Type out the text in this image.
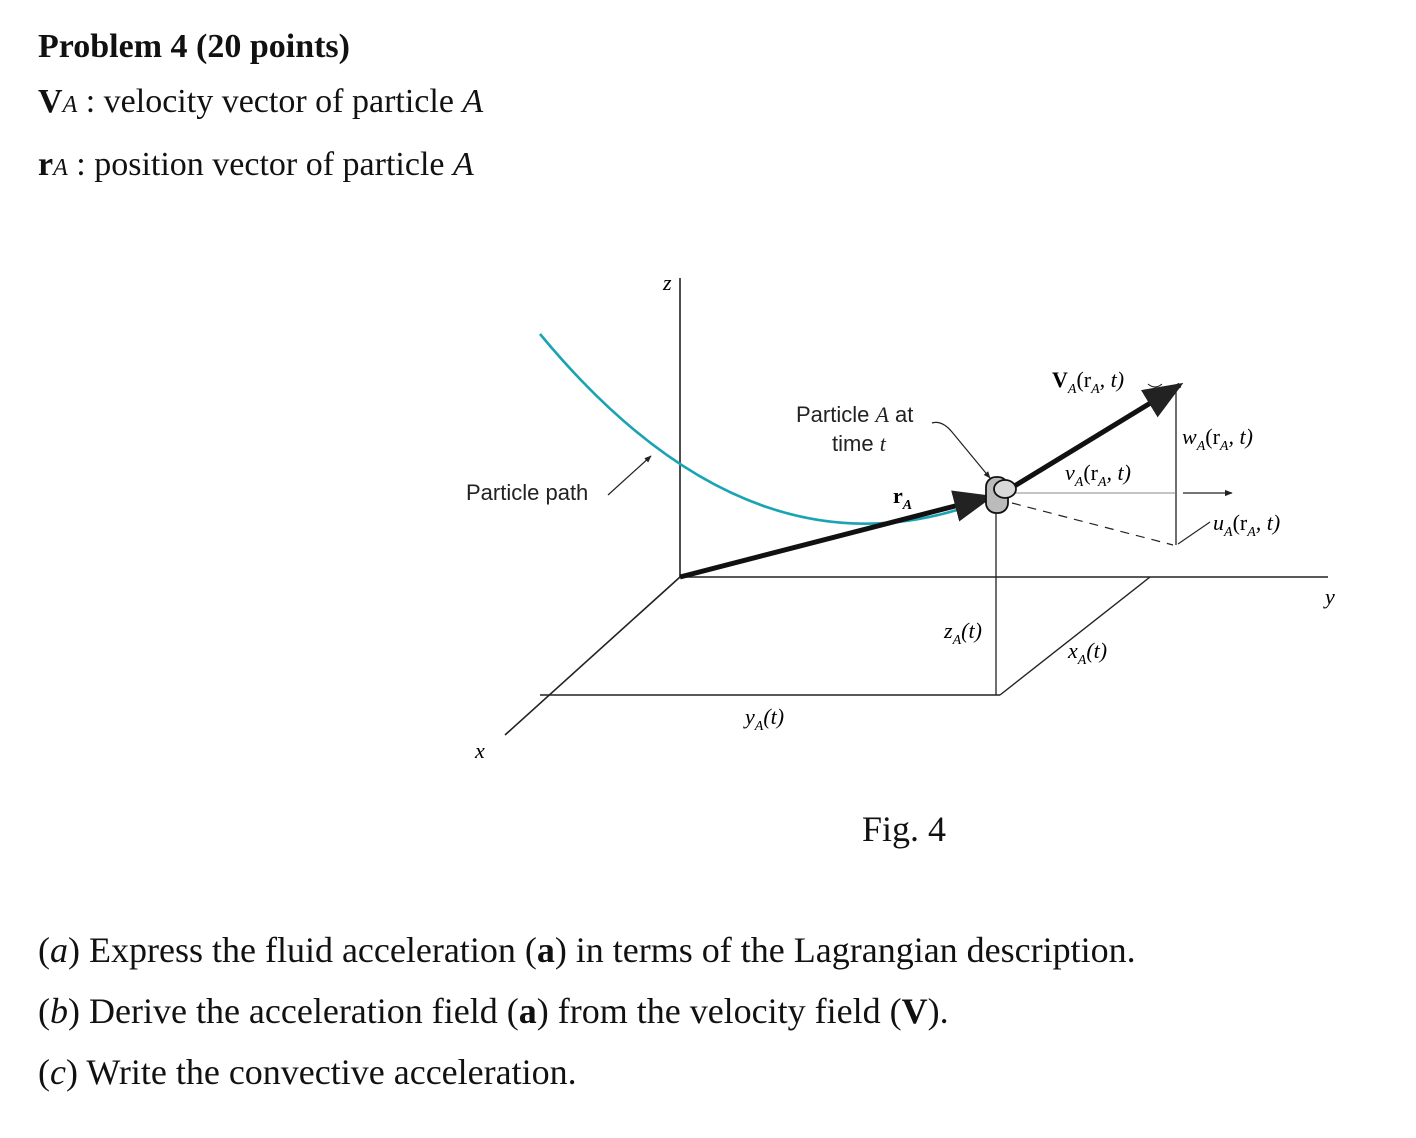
Problem 4 (20 points)
VA : velocity vector of particle A
rA : position vector of particle A
z
y
x
Particle path
Particle A at
time t
$r_A$
$V_A(r_A$, t)
$v_A(r_A$, t)
$w_A(r_A$, t)
$u_A(r_A$, t)
$z_A(t)$
$x_A(t)$
$y_A(t)$
Fig. 4
(a) Express the fluid acceleration (a) in terms of the Lagrangian description.
(b) Derive the acceleration field (a) from the velocity field (V).
(c) Write the convective acceleration.
